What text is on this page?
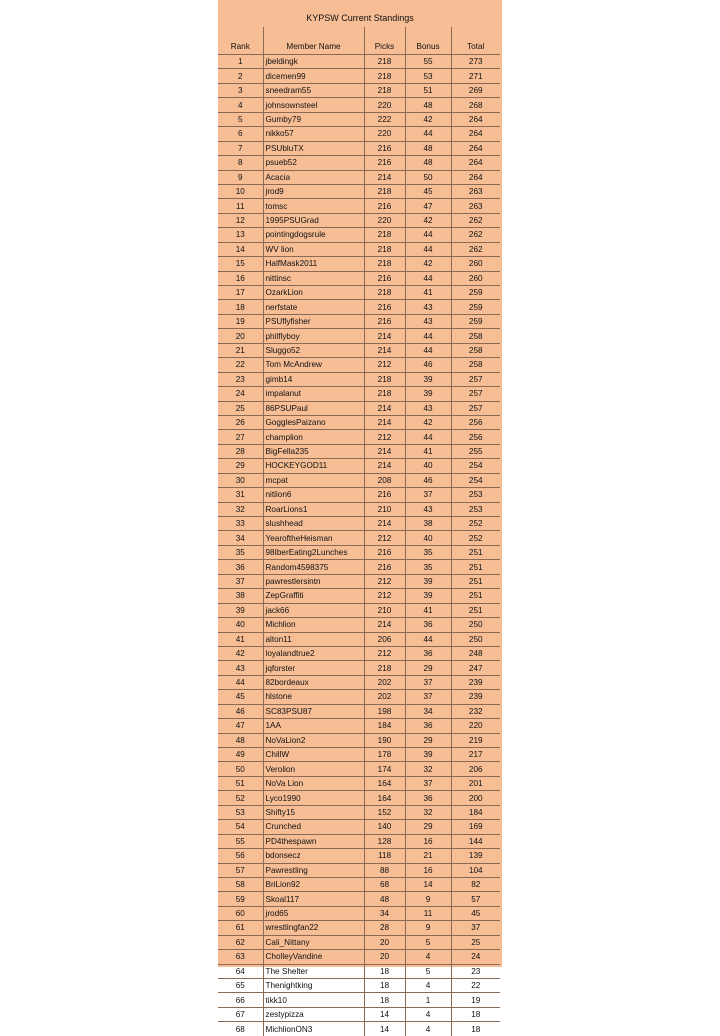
KYPSW Current Standings
Rank	Member Name	Picks	Bonus	Total
1	jbeldingk	218	55	273
2	dicemen99	218	53	271
3	sneedram55	218	51	269
4	johnsownsteel	220	48	268
5	Gumby79	222	42	264
6	nikko57	220	44	264
7	PSUbluTX	216	48	264
8	psueb52	216	48	264
9	Acacia	214	50	264
10	jrod9	218	45	263
11	tomsc	216	47	263
12	1995PSUGrad	220	42	262
13	pointingdogsrule	218	44	262
14	WV lion	218	44	262
15	HalfMask2011	218	42	260
16	nittinsc	216	44	260
17	OzarkLion	218	41	259
18	nerfstate	216	43	259
19	PSUflyfisher	216	43	259
20	philflyboy	214	44	258
21	Sluggo52	214	44	258
22	Tom McAndrew	212	46	258
23	gimb14	218	39	257
24	impalanut	218	39	257
25	86PSUPaul	214	43	257
26	GogglesPaizano	214	42	256
27	champlion	212	44	256
28	BigFella235	214	41	255
29	HOCKEYGOD11	214	40	254
30	mcpat	208	46	254
31	nitlion6	216	37	253
32	RoarLions1	210	43	253
33	slushhead	214	38	252
34	YearoftheHeisman	212	40	252
35	98IberEating2Lunches	216	35	251
36	Random4598375	216	35	251
37	pawrestlersintn	212	39	251
38	ZepGraffiti	212	39	251
39	jack66	210	41	251
40	Michlion	214	36	250
41	alton11	206	44	250
42	loyalandtrue2	212	36	248
43	jqforster	218	29	247
44	82bordeaux	202	37	239
45	hlstone	202	37	239
46	SC83PSU87	198	34	232
47	1AA	184	36	220
48	NoVaLion2	190	29	219
49	ChillW	178	39	217
50	Verolion	174	32	206
51	NoVa Lion	164	37	201
52	Lyco1990	164	36	200
53	Shifty15	152	32	184
54	Crunched	140	29	169
55	PD4thespawn	128	16	144
56	bdonsecz	118	21	139
57	Pawrestling	88	16	104
58	BriLion92	68	14	82
59	Skoal117	48	9	57
60	jrod65	34	11	45
61	wrestlingfan22	28	9	37
62	Cali_Nittany	20	5	25
63	CholleyVandine	20	4	24
64	The Shelter	18	5	23
65	Thenightking	18	4	22
66	tikk10	18	1	19
67	zestypizza	14	4	18
68	MichlionON3	14	4	18
